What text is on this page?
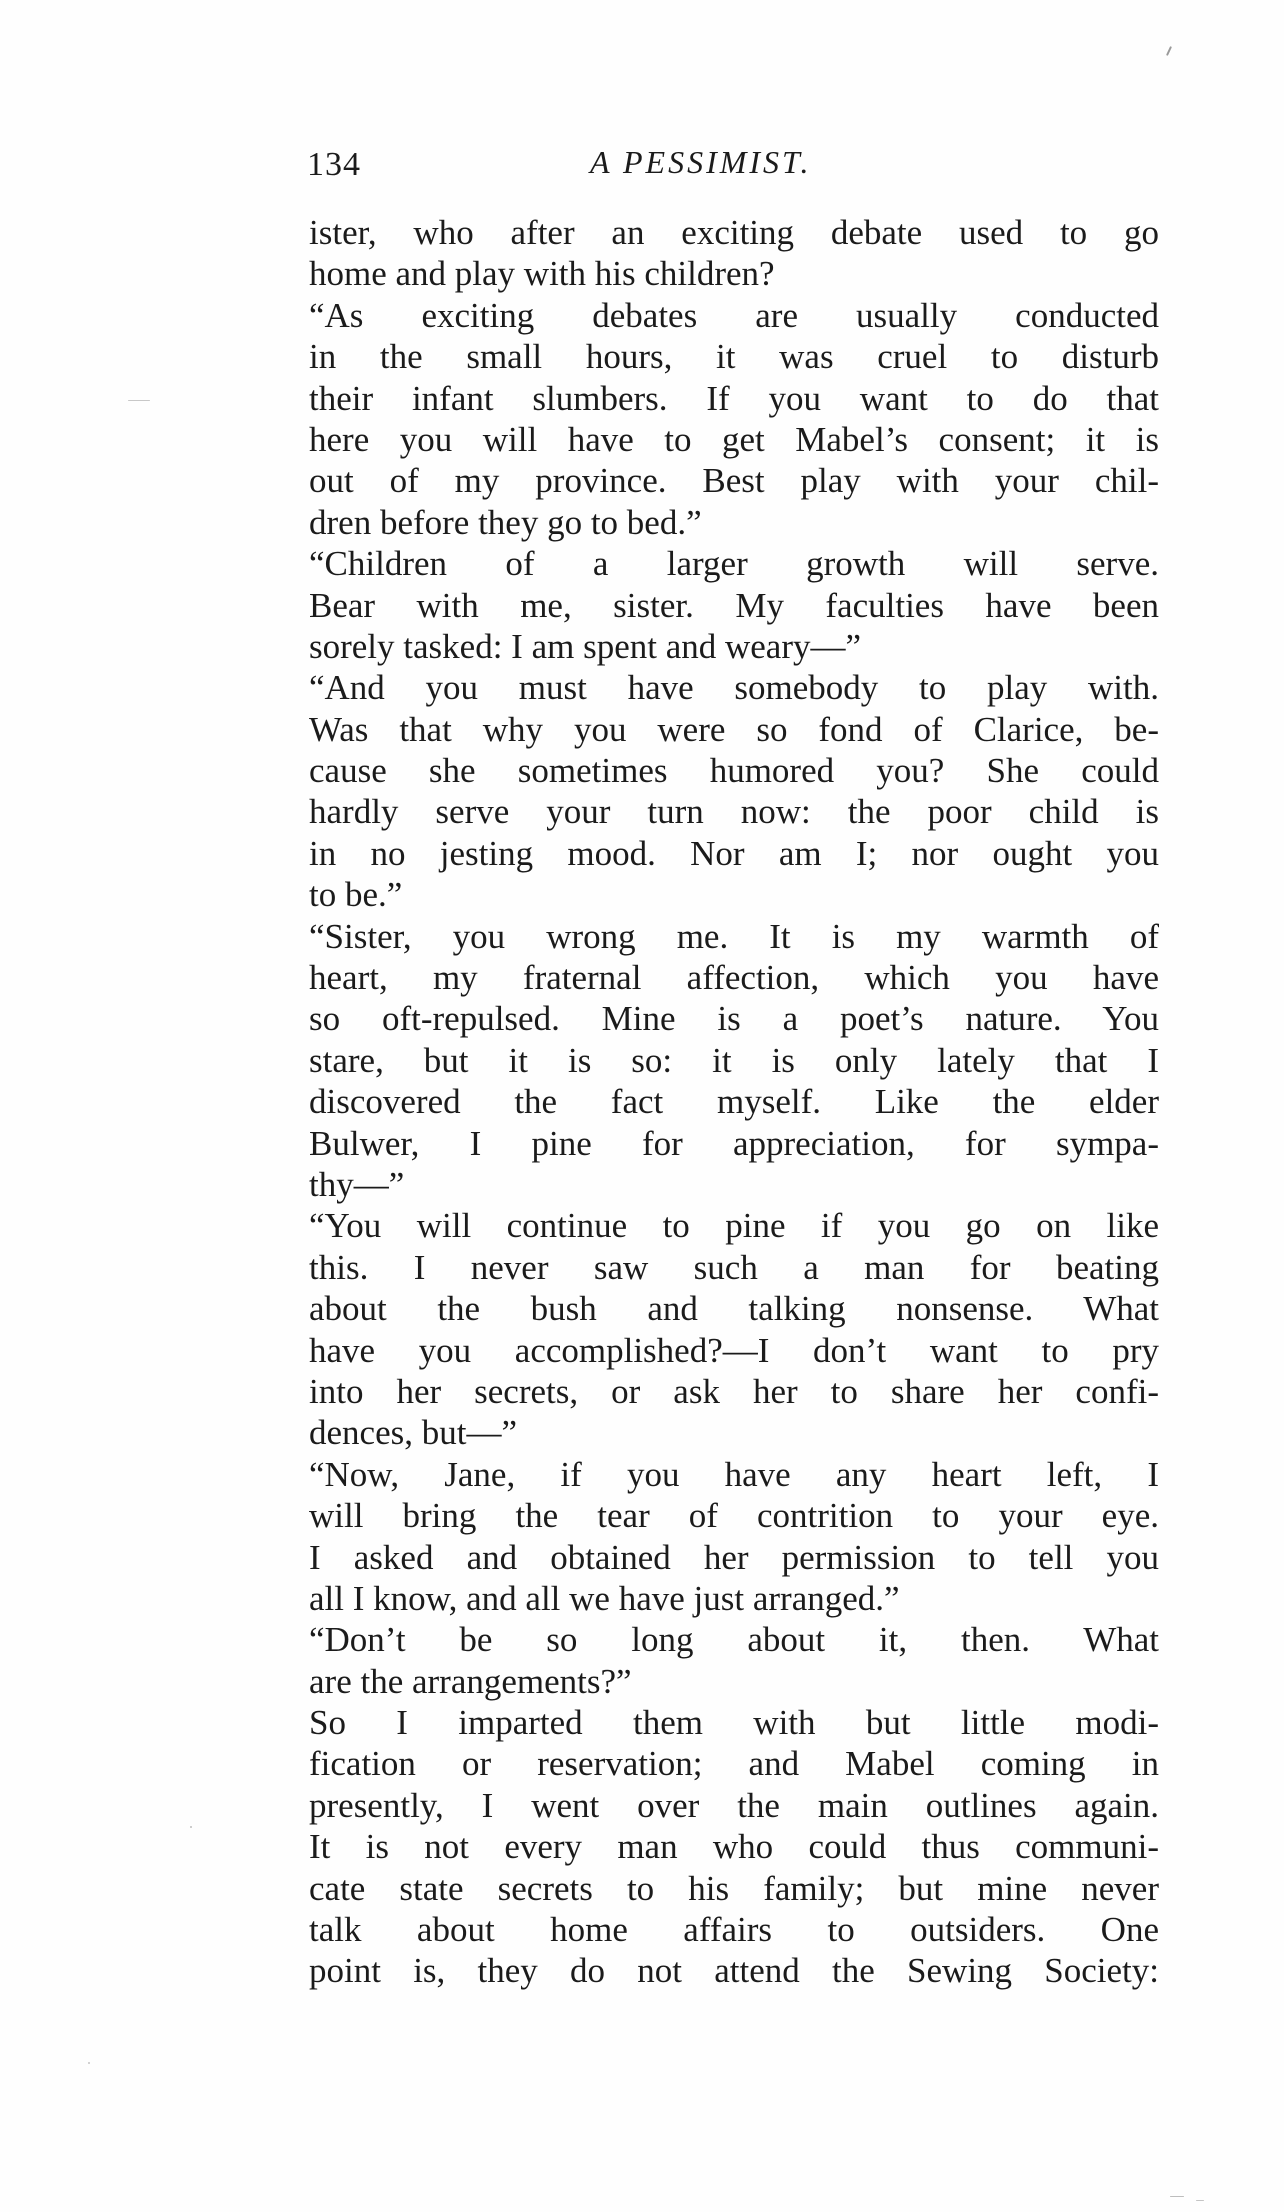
134	A PESSIMIST.
ister, who after an exciting debate used to go
home and play with his children?
“As exciting debates are usually conducted
in the small hours, it was cruel to disturb
their infant slumbers. If you want to do that
here you will have to get Mabel’s consent; it is
out of my province. Best play with your chil-
dren before they go to bed.”
“Children of a larger growth will serve.
Bear with me, sister. My faculties have been
sorely tasked: I am spent and weary—”
“And you must have somebody to play with.
Was that why you were so fond of Clarice, be-
cause she sometimes humored you? She could
hardly serve your turn now: the poor child is
in no jesting mood. Nor am I; nor ought you
to be.”
“Sister, you wrong me. It is my warmth of
heart, my fraternal affection, which you have
so oft-repulsed. Mine is a poet’s nature. You
stare, but it is so: it is only lately that I
discovered the fact myself. Like the elder
Bulwer, I pine for appreciation, for sympa-
thy—”
“You will continue to pine if you go on like
this. I never saw such a man for beating
about the bush and talking nonsense. What
have you accomplished?—I don’t want to pry
into her secrets, or ask her to share her confi-
dences, but—”
“Now, Jane, if you have any heart left, I
will bring the tear of contrition to your eye.
I asked and obtained her permission to tell you
all I know, and all we have just arranged.”
“Don’t be so long about it, then. What
are the arrangements?”
So I imparted them with but little modi-
fication or reservation; and Mabel coming in
presently, I went over the main outlines again.
It is not every man who could thus communi-
cate state secrets to his family; but mine never
talk about home affairs to outsiders. One
point is, they do not attend the Sewing Society:
